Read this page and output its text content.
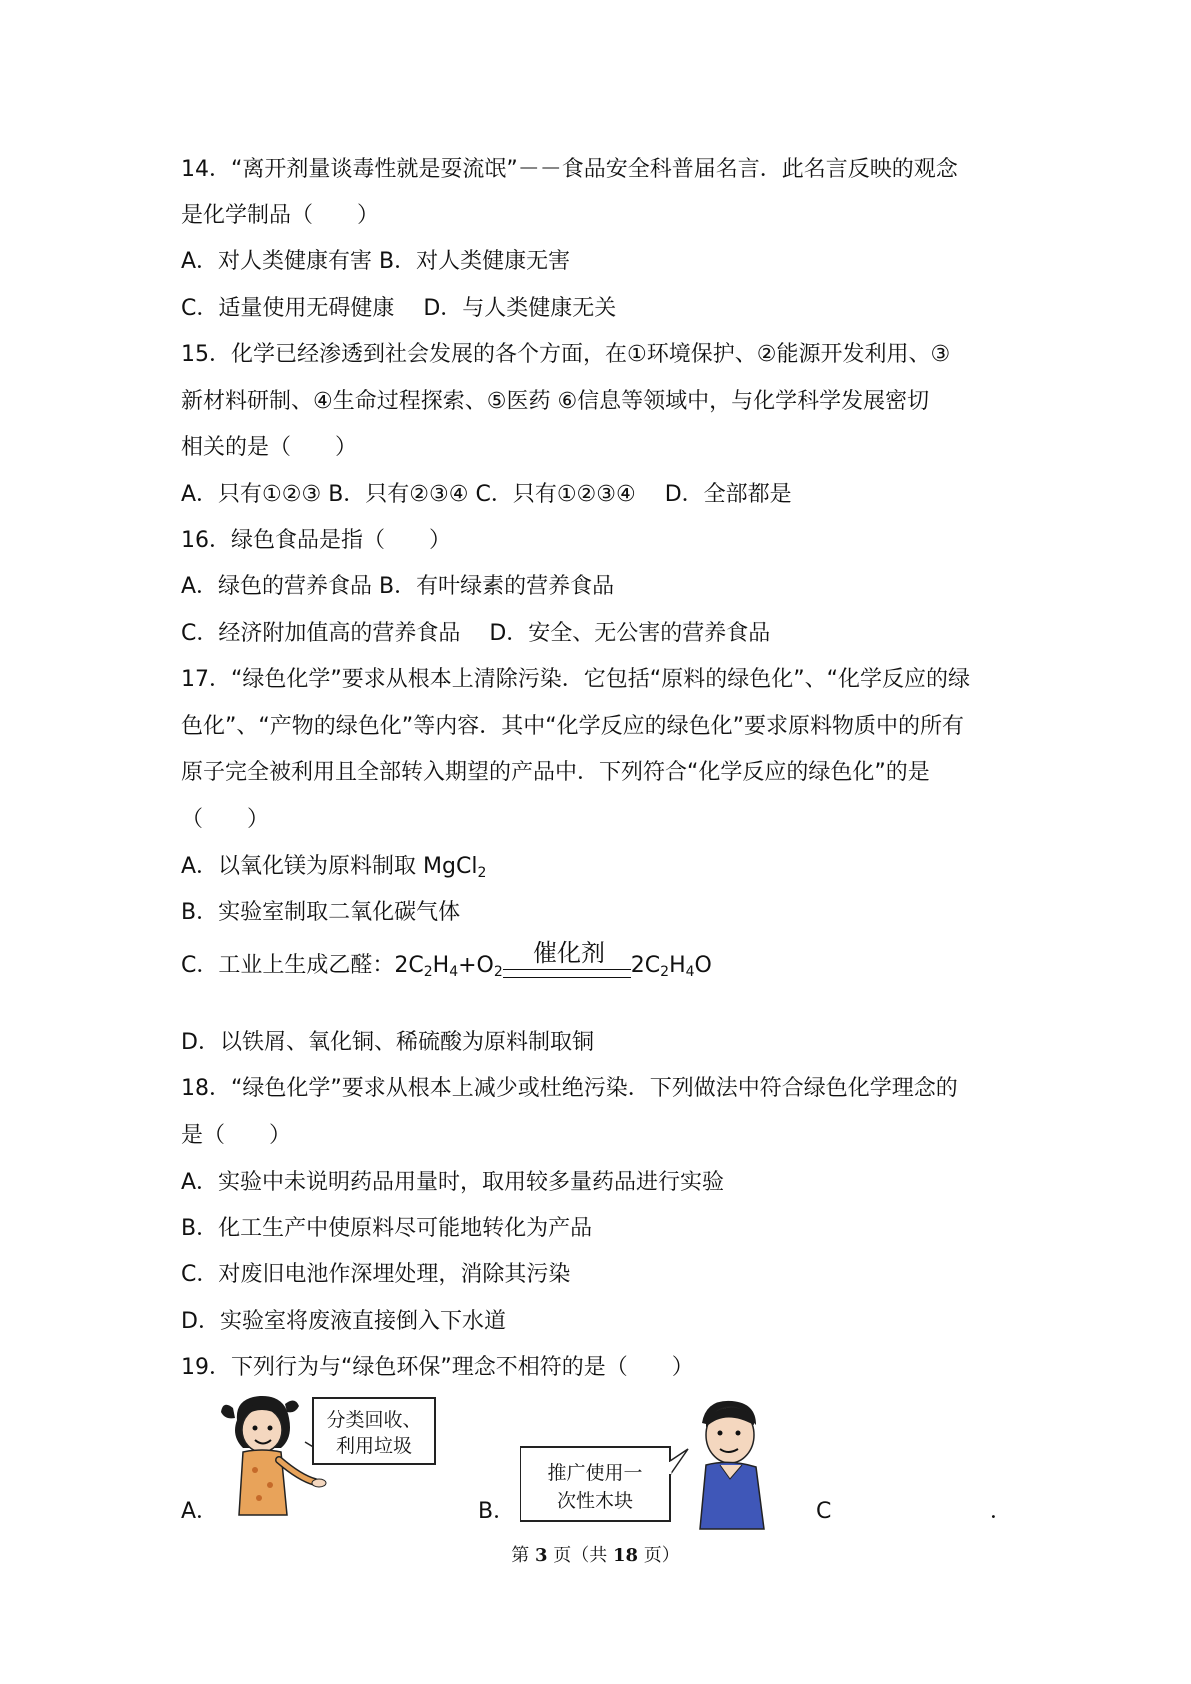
14．“离开剂量谈毒性就是耍流氓”－－食品安全科普届名言．此名言反映的观念
是化学制品（　　）
A．对人类健康有害 B．对人类健康无害
C．适量使用无碍健康　 D．与人类健康无关
15．化学已经渗透到社会发展的各个方面，在①环境保护、②能源开发利用、③
新材料研制、④生命过程探索、⑤医药 ⑥信息等领域中，与化学科学发展密切
相关的是（　　）
A．只有①②③ B．只有②③④ C．只有①②③④　 D．全部都是
16．绿色食品是指（　　）
A．绿色的营养食品 B．有叶绿素的营养食品
C．经济附加值高的营养食品　 D．安全、无公害的营养食品
17．“绿色化学”要求从根本上清除污染．它包括“原料的绿色化”、“化学反应的绿
色化”、“产物的绿色化”等内容．其中“化学反应的绿色化”要求原料物质中的所有
原子完全被利用且全部转入期望的产品中．下列符合“化学反应的绿色化”的是
（　　）
A．以氧化镁为原料制取 MgCl$_2$
B．实验室制取二氧化碳气体
C．工业上生成乙醛：$2C_2H_4+O_2$	$2C_2H_4O$
催化剂
D．以铁屑、氧化铜、稀硫酸为原料制取铜
18．“绿色化学”要求从根本上减少或杜绝污染．下列做法中符合绿色化学理念的
是（　　）
A．实验中未说明药品用量时，取用较多量药品进行实验
B．化工生产中使原料尽可能地转化为产品
C．对废旧电池作深埋处理，消除其污染
D．实验室将废液直接倒入下水道
19．下列行为与“绿色环保”理念不相符的是（　　）
分类回收、
利用垃圾
推广使用一
次性木块
A．	B．	C	．
第 3 页（共 18 页）
